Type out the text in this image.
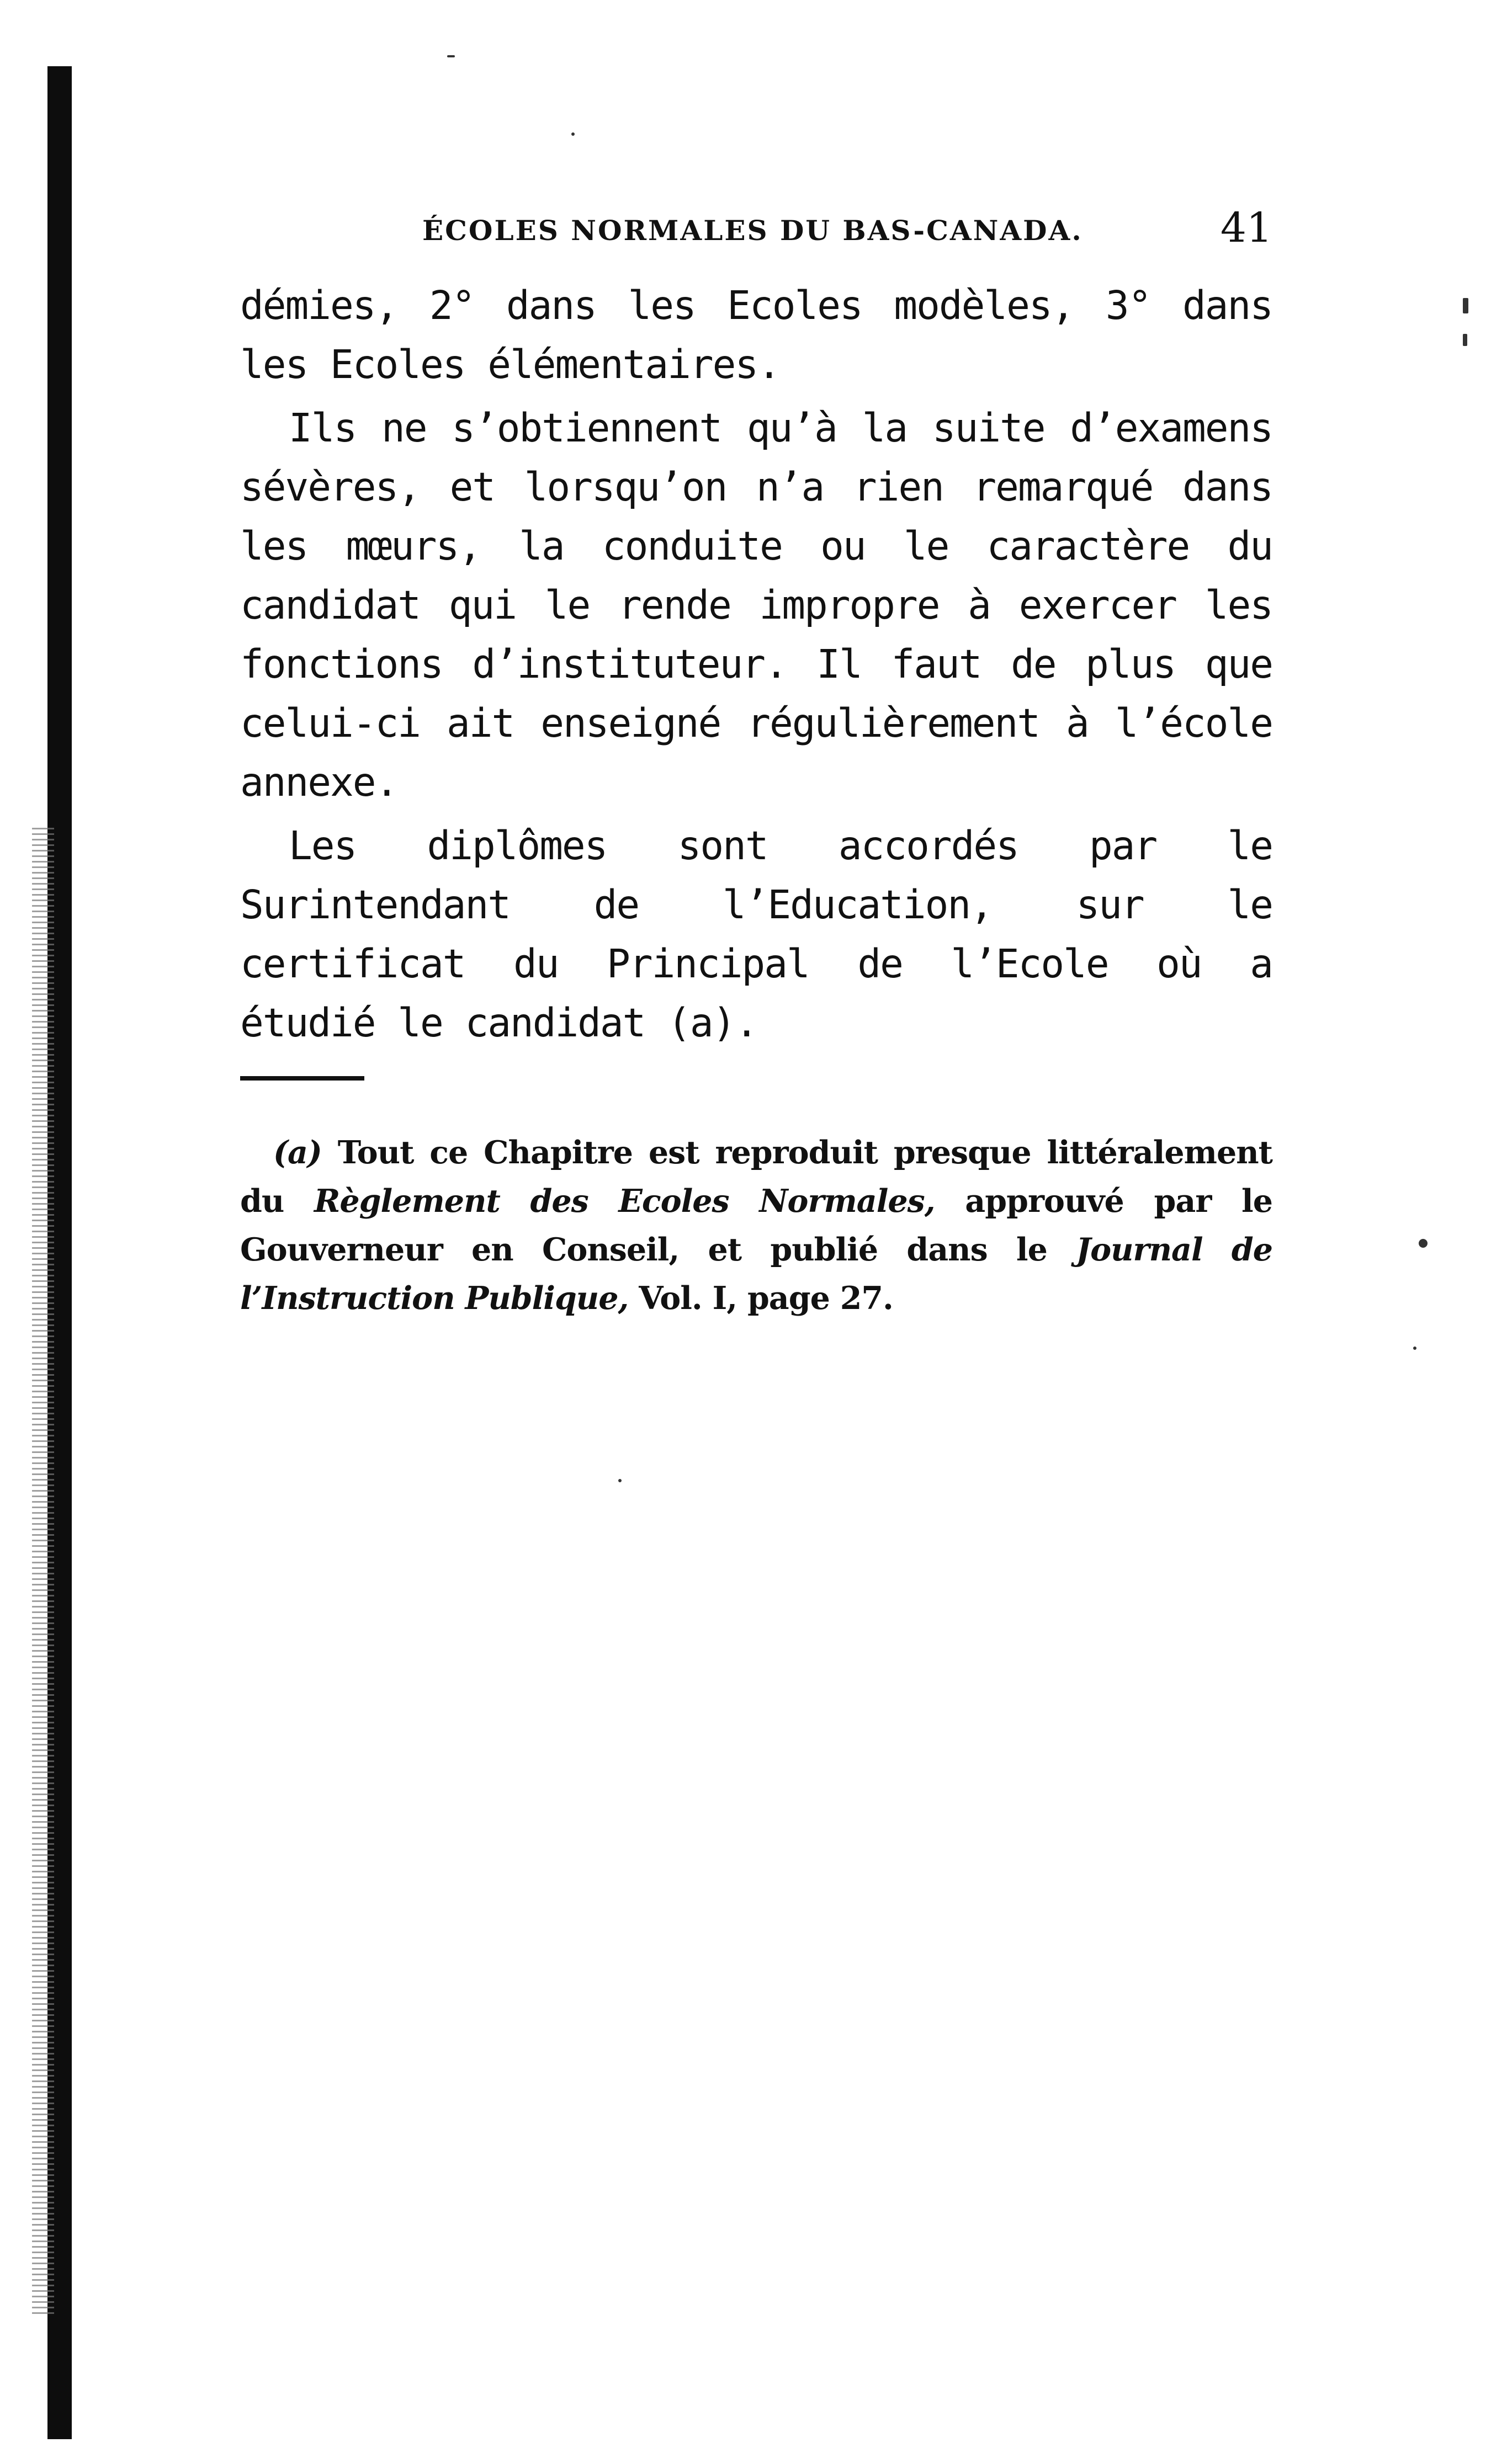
ÉCOLES NORMALES DU BAS-CANADA.	41

démies, 2° dans les Ecoles modèles, 3° dans les Ecoles élémentaires.

Ils ne s’obtiennent qu’à la suite d’examens sévères, et lorsqu’on n’a rien remarqué dans les mœurs, la conduite ou le caractère du candidat qui le rende impropre à exercer les fonctions d’instituteur. Il faut de plus que celui-ci ait enseigné régulièrement à l’école annexe.

Les diplômes sont accordés par le Surintendant de l’Education, sur le certificat du Principal de l’Ecole où a étudié le candidat (a).

(a) Tout ce Chapitre est reproduit presque littéralement du Règlement des Ecoles Normales, approuvé par le Gouverneur en Conseil, et publié dans le Journal de l’Instruction Publique, Vol. I, page 27.
